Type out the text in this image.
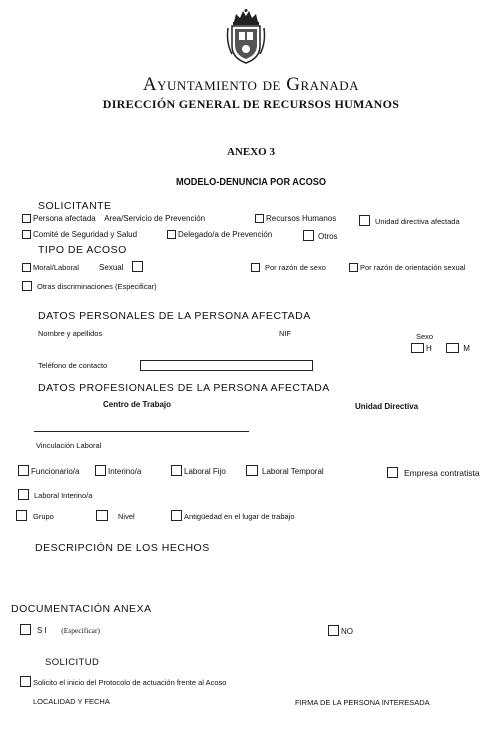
Ayuntamiento de Granada
DIRECCIÓN GENERAL DE RECURSOS HUMANOS
ANEXO 3
MODELO-DENUNCIA POR ACOSO
SOLICITANTE
Persona afectada Area/Servicio de Prevención	Recursos Humanos	Unidad directiva afectada
Comité de Seguridad y Salud	Delegado/a de Prevención	Otros
TIPO DE ACOSO
Moral/Laboral	Sexual	Por razón de sexo	Por razón de orientación sexual
Otras discriminaciones (Especificar)
DATOS PERSONALES DE LA PERSONA AFECTADA
Nombre y apellidos	NIF	Sexo
H	M
Teléfono de contacto
DATOS PROFESIONALES DE LA PERSONA AFECTADA
Centro de Trabajo	Unidad Directiva
Vinculación Laboral
Funcionario/a	Interino/a	Laboral Fijo	Laboral Temporal	Empresa contratista
Laboral Interino/a
Grupo	Nivel	Antigüedad en el lugar de trabajo
DESCRIPCIÓN DE LOS HECHOS
DOCUMENTACIÓN ANEXA
S I (Especificar)	NO
SOLICITUD
Solicito el inicio del Protocolo de actuación frente al Acoso
LOCALIDAD Y FECHA	FIRMA DE LA PERSONA INTERESADA
